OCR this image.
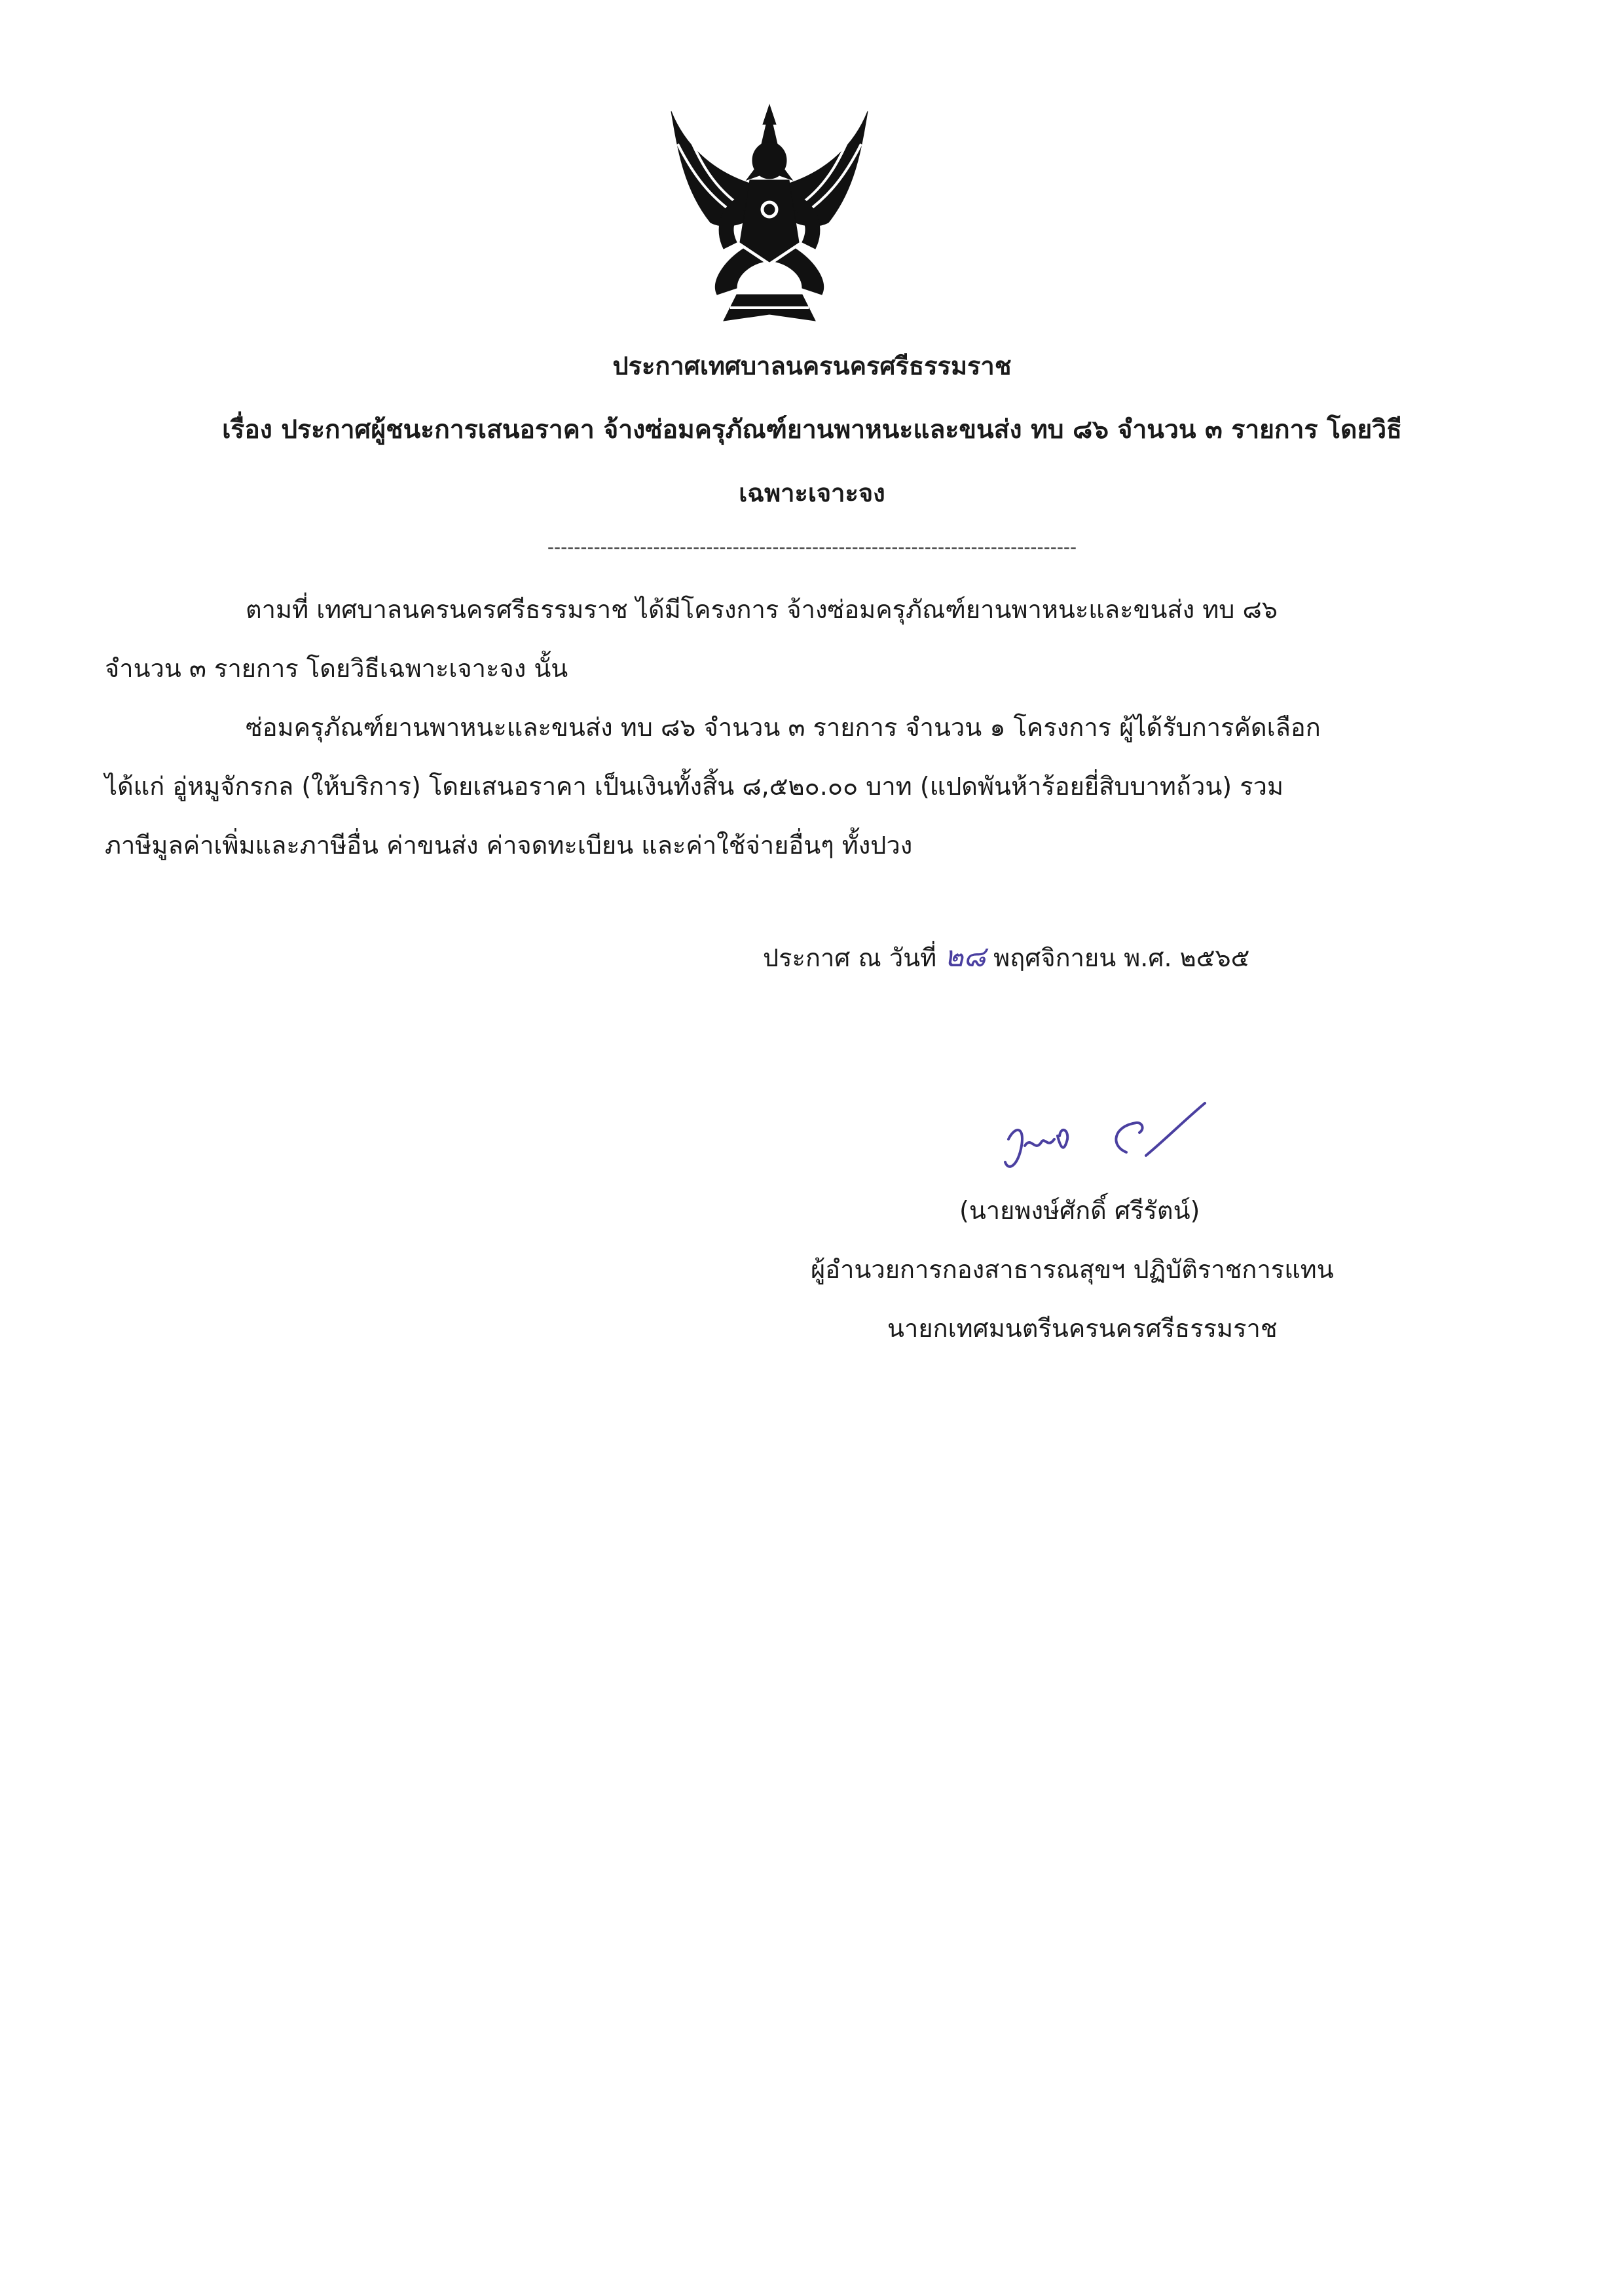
ประกาศเทศบาลนครนครศรีธรรมราช
เรื่อง ประกาศผู้ชนะการเสนอราคา จ้างซ่อมครุภัณฑ์ยานพาหนะและขนส่ง ทบ ๘๖ จำนวน ๓ รายการ โดยวิธี
เฉพาะเจาะจง
--------------------------------------------------------------------------------
ตามที่ เทศบาลนครนครศรีธรรมราช ได้มีโครงการ จ้างซ่อมครุภัณฑ์ยานพาหนะและขนส่ง ทบ ๘๖
จำนวน ๓ รายการ โดยวิธีเฉพาะเจาะจง นั้น
ซ่อมครุภัณฑ์ยานพาหนะและขนส่ง ทบ ๘๖ จำนวน ๓ รายการ จำนวน ๑ โครงการ ผู้ได้รับการคัดเลือก
ได้แก่ อู่หมูจักรกล (ให้บริการ) โดยเสนอราคา เป็นเงินทั้งสิ้น ๘,๕๒๐.๐๐ บาท (แปดพันห้าร้อยยี่สิบบาทถ้วน) รวม
ภาษีมูลค่าเพิ่มและภาษีอื่น ค่าขนส่ง ค่าจดทะเบียน และค่าใช้จ่ายอื่นๆ ทั้งปวง
ประกาศ ณ วันที่ ๒๘ พฤศจิกายน พ.ศ. ๒๕๖๕
(นายพงษ์ศักดิ์ ศรีรัตน์)
ผู้อำนวยการกองสาธารณสุขฯ ปฏิบัติราชการแทน
นายกเทศมนตรีนครนครศรีธรรมราช
